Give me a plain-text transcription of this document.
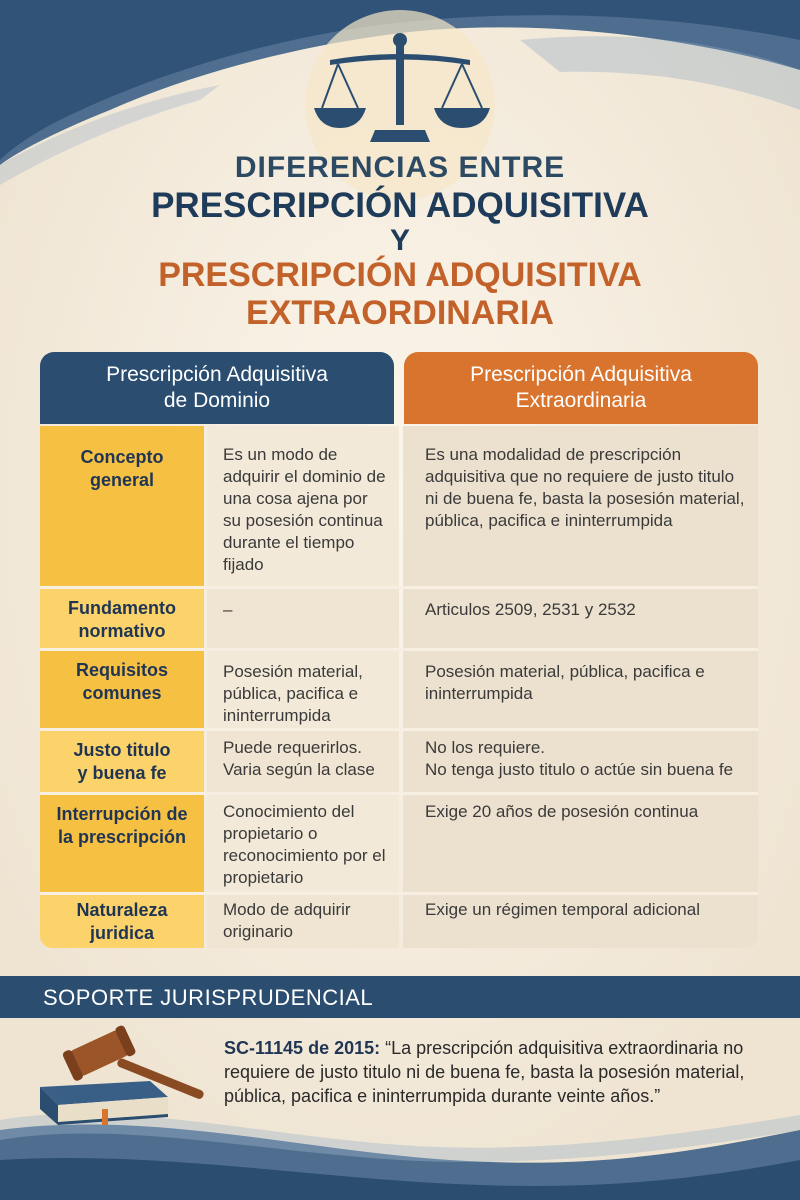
DIFERENCIAS ENTRE
PRESCRIPCIÓN ADQUISITIVA
Y
PRESCRIPCIÓN ADQUISITIVA
EXTRAORDINARIA
Prescripción Adquisitiva
de Dominio
Prescripción Adquisitiva
Extraordinaria
Concepto
general
Es un modo de adquirir el dominio de una cosa ajena por su posesión continua durante el tiempo fijado
Es una modalidad de prescripción adquisitiva que no requiere de justo titulo ni de buena fe, basta la posesión material, pública, pacifica e ininterrumpida
Fundamento
normativo
–	Articulos 2509, 2531 y 2532
Requisitos
comunes
Posesión material, pública, pacifica e ininterrumpida
Posesión material, pública, pacifica e ininterrumpida
Justo titulo
y buena fe
Puede requerirlos. Varia según la clase
No los requiere.
No tenga justo titulo o actúe sin buena fe
Interrupción de
la prescripción
Conocimiento del propietario o reconocimiento por el propietario
Exige 20 años de posesión continua
Naturaleza
juridica
Modo de adquirir originario
Exige un régimen temporal adicional
SOPORTE JURISPRUDENCIAL
SC-11145 de 2015: “La prescripción adquisitiva extraordinaria no requiere de justo titulo ni de buena fe, basta la posesión material, pública, pacifica e ininterrumpida durante veinte años.”
